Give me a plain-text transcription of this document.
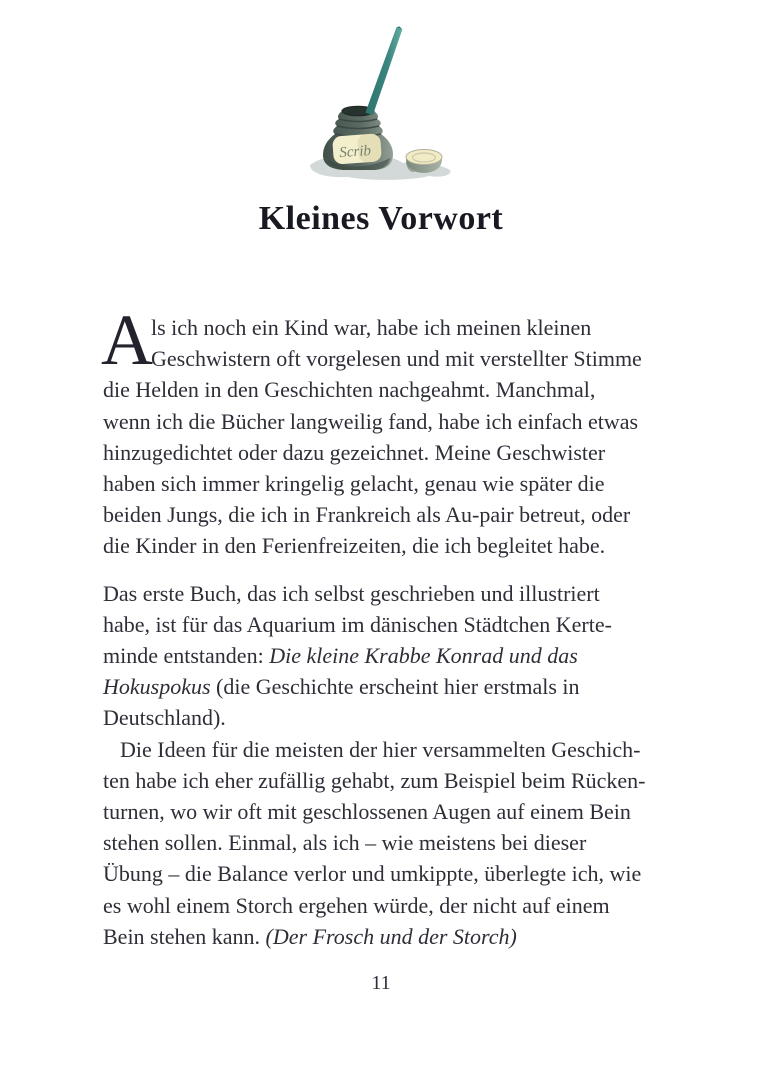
Scrib
Kleines Vorwort
A
ls ich noch ein Kind war, habe ich meinen kleinen
Geschwistern oft vorgelesen und mit verstellter Stimme
die Helden in den Geschichten nachgeahmt. Manchmal,
wenn ich die Bücher langweilig fand, habe ich einfach etwas
hinzugedichtet oder dazu gezeichnet. Meine Geschwister
haben sich immer kringelig gelacht, genau wie später die
beiden Jungs, die ich in Frankreich als Au-pair betreut, oder
die Kinder in den Ferienfreizeiten, die ich begleitet habe.
Das erste Buch, das ich selbst geschrieben und illustriert
habe, ist für das Aquarium im dänischen Städtchen Kerte-
minde entstanden: Die kleine Krabbe Konrad und das
Hokuspokus (die Geschichte erscheint hier erstmals in
Deutschland).
Die Ideen für die meisten der hier versammelten Geschich-
ten habe ich eher zufällig gehabt, zum Beispiel beim Rücken-
turnen, wo wir oft mit geschlossenen Augen auf einem Bein
stehen sollen. Einmal, als ich – wie meistens bei dieser
Übung – die Balance verlor und umkippte, überlegte ich, wie
es wohl einem Storch ergehen würde, der nicht auf einem
Bein stehen kann. (Der Frosch und der Storch)
11
